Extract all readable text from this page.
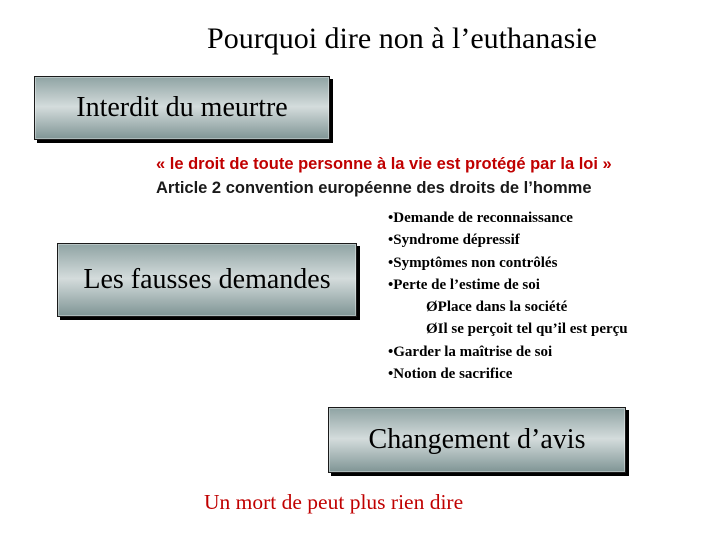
Pourquoi dire non à l’euthanasie
Interdit du meurtre
« le droit de toute personne à la vie est protégé par la loi »
Article 2 convention européenne des droits de l’homme
Les fausses demandes
•Demande de reconnaissance
•Syndrome dépressif
•Symptômes non contrôlés
•Perte de l’estime de soi
ØPlace dans la société
ØIl se perçoit tel qu’il est perçu
•Garder la maîtrise de soi
•Notion de sacrifice
Changement d’avis
Un mort de peut plus rien dire
